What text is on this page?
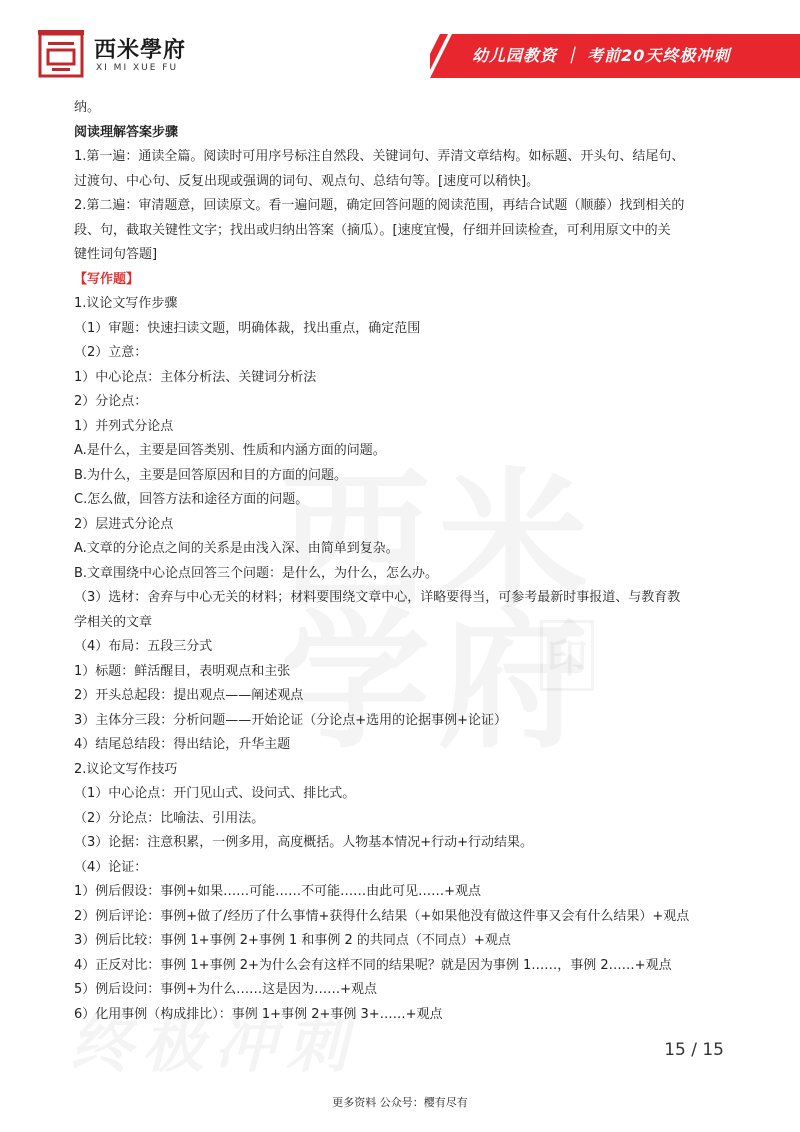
西米學府
XI MI XUE FU
幼儿园教资 ｜ 考前20天终极冲刺
纳。
阅读理解答案步骤
1.第一遍：通读全篇。阅读时可用序号标注自然段、关键词句、弄清文章结构。如标题、开头句、结尾句、
过渡句、中心句、反复出现或强调的词句、观点句、总结句等。[速度可以稍快]。
2.第二遍：审清题意，回读原文。看一遍问题，确定回答问题的阅读范围，再结合试题（顺藤）找到相关的
段、句，截取关键性文字；找出或归纳出答案（摘瓜）。[速度宜慢，仔细并回读检查，可利用原文中的关
键性词句答题]
【写作题】
1.议论文写作步骤
（1）审题：快速扫读文题，明确体裁，找出重点，确定范围
（2）立意：
1）中心论点：主体分析法、关键词分析法
2）分论点：
1）并列式分论点
A.是什么，主要是回答类别、性质和内涵方面的问题。
B.为什么，主要是回答原因和目的方面的问题。
C.怎么做，回答方法和途径方面的问题。
2）层进式分论点
A.文章的分论点之间的关系是由浅入深、由简单到复杂。
B.文章围绕中心论点回答三个问题：是什么，为什么，怎么办。
（3）选材：舍弃与中心无关的材料；材料要围绕文章中心，详略要得当，可参考最新时事报道、与教育教
学相关的文章
（4）布局：五段三分式
1）标题：鲜活醒目，表明观点和主张
2）开头总起段：提出观点——阐述观点
3）主体分三段：分析问题——开始论证（分论点+选用的论据事例+论证）
4）结尾总结段：得出结论，升华主题
2.议论文写作技巧
（1）中心论点：开门见山式、设问式、排比式。
（2）分论点：比喻法、引用法。
（3）论据：注意积累，一例多用，高度概括。人物基本情况+行动+行动结果。
（4）论证：
1）例后假设：事例+如果……可能……不可能……由此可见……+观点
2）例后评论：事例+做了/经历了什么事情+获得什么结果（+如果他没有做这件事又会有什么结果）+观点
3）例后比较：事例 1+事例 2+事例 1 和事例 2 的共同点（不同点）+观点
4）正反对比：事例 1+事例 2+为什么会有这样不同的结果呢？就是因为事例 1……，事例 2……+观点
5）例后设问：事例+为什么……这是因为……+观点
6）化用事例（构成排比）：事例 1+事例 2+事例 3+……+观点
15 / 15
更多资料 公众号：樱有尽有
